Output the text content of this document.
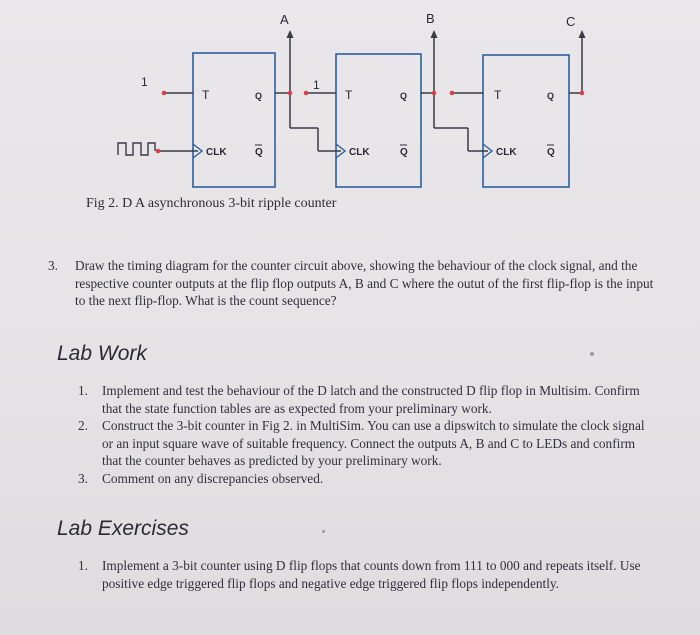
A	B	C
1	1
T	T	T
Q	Q	Q
CLK	CLK	CLK
Q	Q	Q
Fig 2. D A asynchronous 3-bit ripple counter
3. Draw the timing diagram for the counter circuit above, showing the behaviour of the clock signal, and the respective counter outputs at the flip flop outputs A, B and C where the outut of the first flip-flop is the input to the next flip-flop. What is the count sequence?
Lab Work
1. Implement and test the behaviour of the D latch and the constructed D flip flop in Multisim. Confirm that the state function tables are as expected from your preliminary work.
2. Construct the 3-bit counter in Fig 2. in MultiSim. You can use a dipswitch to simulate the clock signal or an input square wave of suitable frequency. Connect the outputs A, B and C to LEDs and confirm that the counter behaves as predicted by your preliminary work.
3. Comment on any discrepancies observed.
Lab Exercises
1. Implement a 3-bit counter using D flip flops that counts down from 111 to 000 and repeats itself. Use positive edge triggered flip flops and negative edge triggered flip flops independently.
